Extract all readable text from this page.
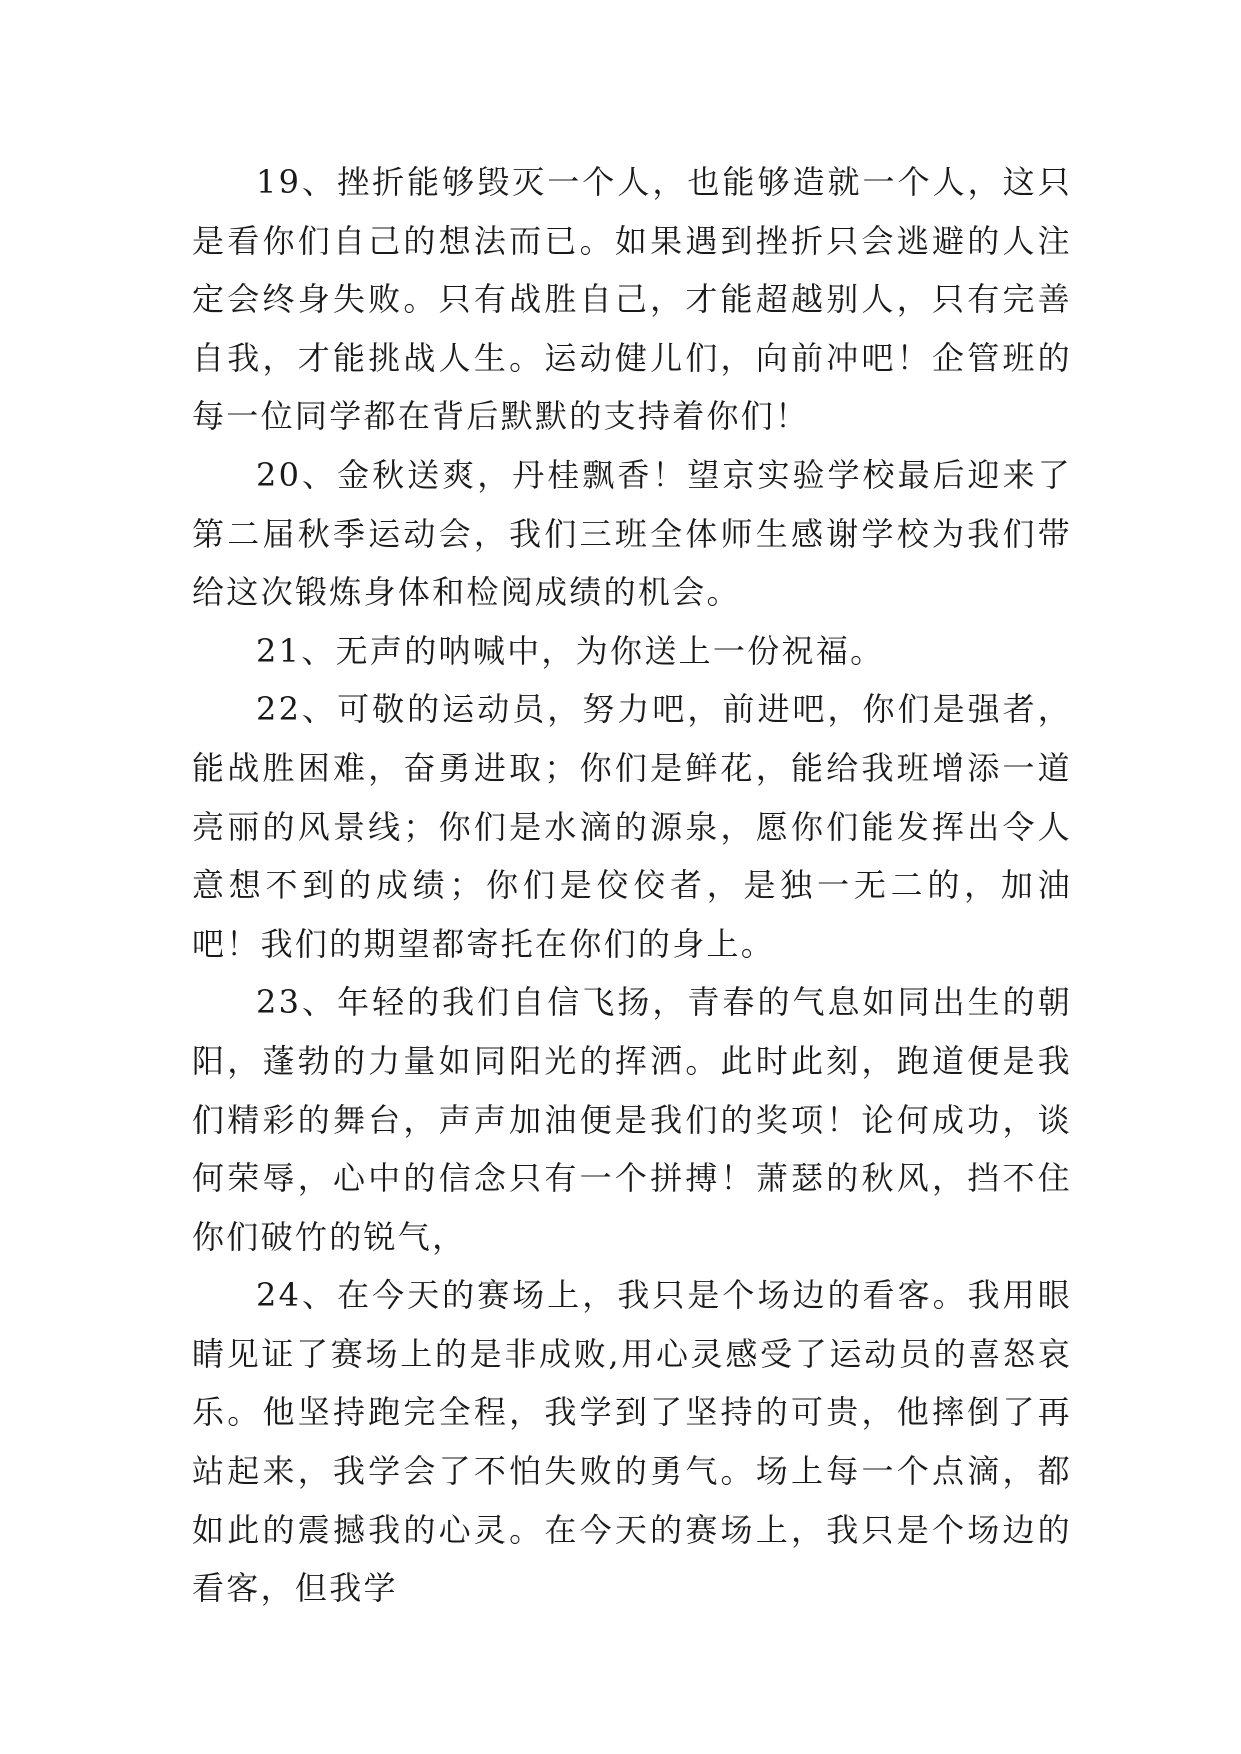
19、挫折能够毁灭一个人，也能够造就一个人，这只是看你们自己的想法而已。如果遇到挫折只会逃避的人注定会终身失败。只有战胜自己，才能超越别人，只有完善自我，才能挑战人生。运动健儿们，向前冲吧！企管班的每一位同学都在背后默默的支持着你们！

20、金秋送爽，丹桂飘香！望京实验学校最后迎来了第二届秋季运动会，我们三班全体师生感谢学校为我们带给这次锻炼身体和检阅成绩的机会。

21、无声的呐喊中，为你送上一份祝福。

22、可敬的运动员，努力吧，前进吧，你们是强者，能战胜困难，奋勇进取；你们是鲜花，能给我班增添一道亮丽的风景线；你们是水滴的源泉，愿你们能发挥出令人意想不到的成绩；你们是佼佼者，是独一无二的，加油吧！我们的期望都寄托在你们的身上。

23、年轻的我们自信飞扬，青春的气息如同出生的朝阳，蓬勃的力量如同阳光的挥洒。此时此刻，跑道便是我们精彩的舞台，声声加油便是我们的奖项！论何成功，谈何荣辱，心中的信念只有一个拼搏！萧瑟的秋风，挡不住你们破竹的锐气，

24、在今天的赛场上，我只是个场边的看客。我用眼睛见证了赛场上的是非成败,用心灵感受了运动员的喜怒哀乐。他坚持跑完全程，我学到了坚持的可贵，他摔倒了再站起来，我学会了不怕失败的勇气。场上每一个点滴，都如此的震撼我的心灵。在今天的赛场上，我只是个场边的看客，但我学
